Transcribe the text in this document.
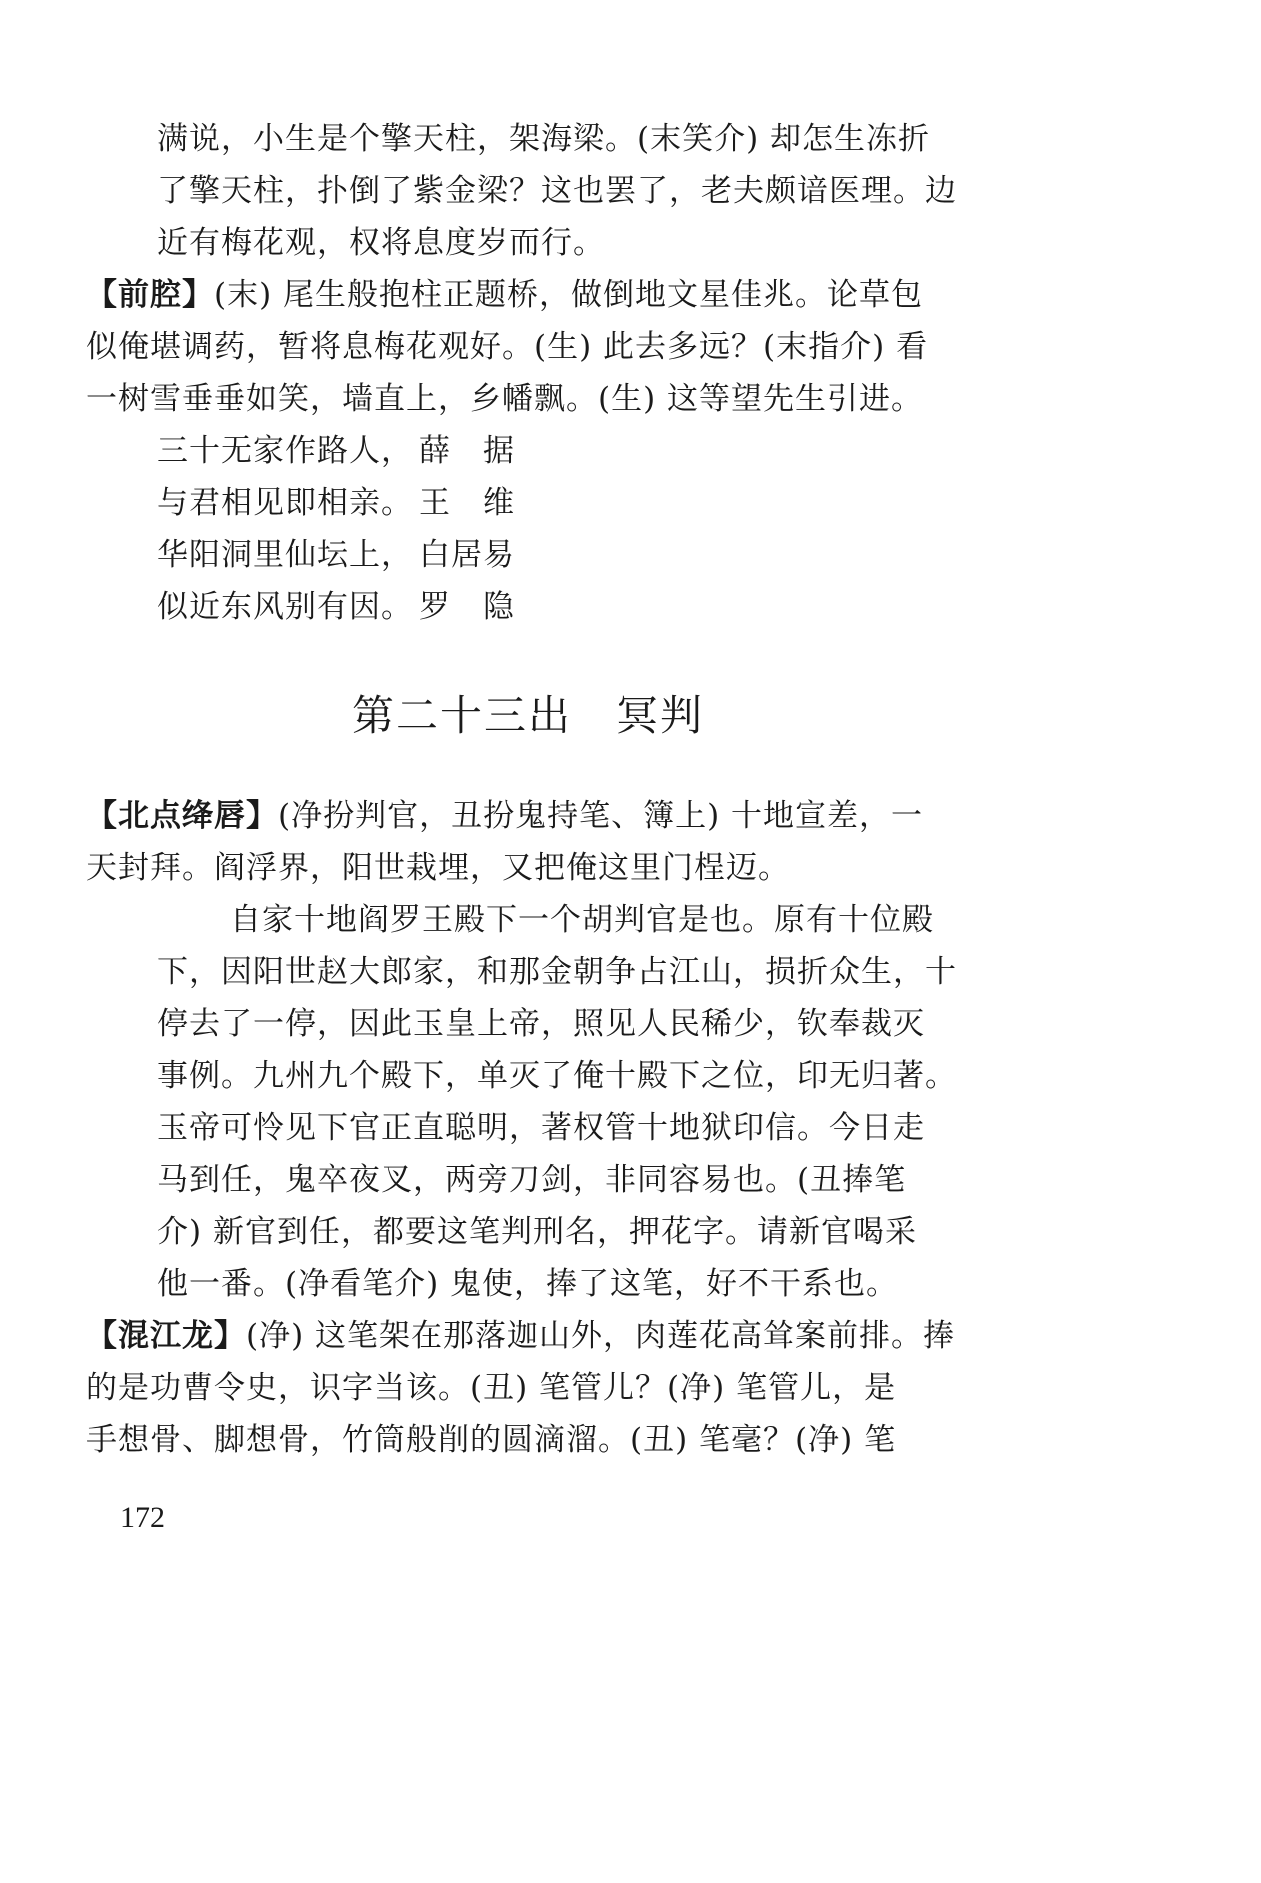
满说，小生是个擎天柱，架海梁。(末笑介) 却怎生冻折
了擎天柱，扑倒了紫金梁？这也罢了，老夫颇谙医理。边
近有梅花观，权将息度岁而行。
【前腔】(末) 尾生般抱柱正题桥，做倒地文星佳兆。论草包
似俺堪调药，暂将息梅花观好。(生) 此去多远？(末指介) 看
一树雪垂垂如笑，墙直上，乡幡飘。(生) 这等望先生引进。
三十无家作路人， 薛　据
与君相见即相亲。 王　维
华阳洞里仙坛上， 白居易
似近东风别有因。 罗　隐
第二十三出　冥判
【北点绛唇】(净扮判官，丑扮鬼持笔、簿上) 十地宣差，一
天封拜。阎浮界，阳世栽埋，又把俺这里门桯迈。
自家十地阎罗王殿下一个胡判官是也。原有十位殿
下，因阳世赵大郎家，和那金朝争占江山，损折众生，十
停去了一停，因此玉皇上帝，照见人民稀少，钦奉裁灭
事例。九州九个殿下，单灭了俺十殿下之位，印无归著。
玉帝可怜见下官正直聪明，著权管十地狱印信。今日走
马到任，鬼卒夜叉，两旁刀剑，非同容易也。(丑捧笔
介) 新官到任，都要这笔判刑名，押花字。请新官喝采
他一番。(净看笔介) 鬼使，捧了这笔，好不干系也。
【混江龙】(净) 这笔架在那落迦山外，肉莲花高耸案前排。捧
的是功曹令史，识字当该。(丑) 笔管儿？(净) 笔管儿，是
手想骨、脚想骨，竹筒般削的圆滴溜。(丑) 笔毫？(净) 笔
172
